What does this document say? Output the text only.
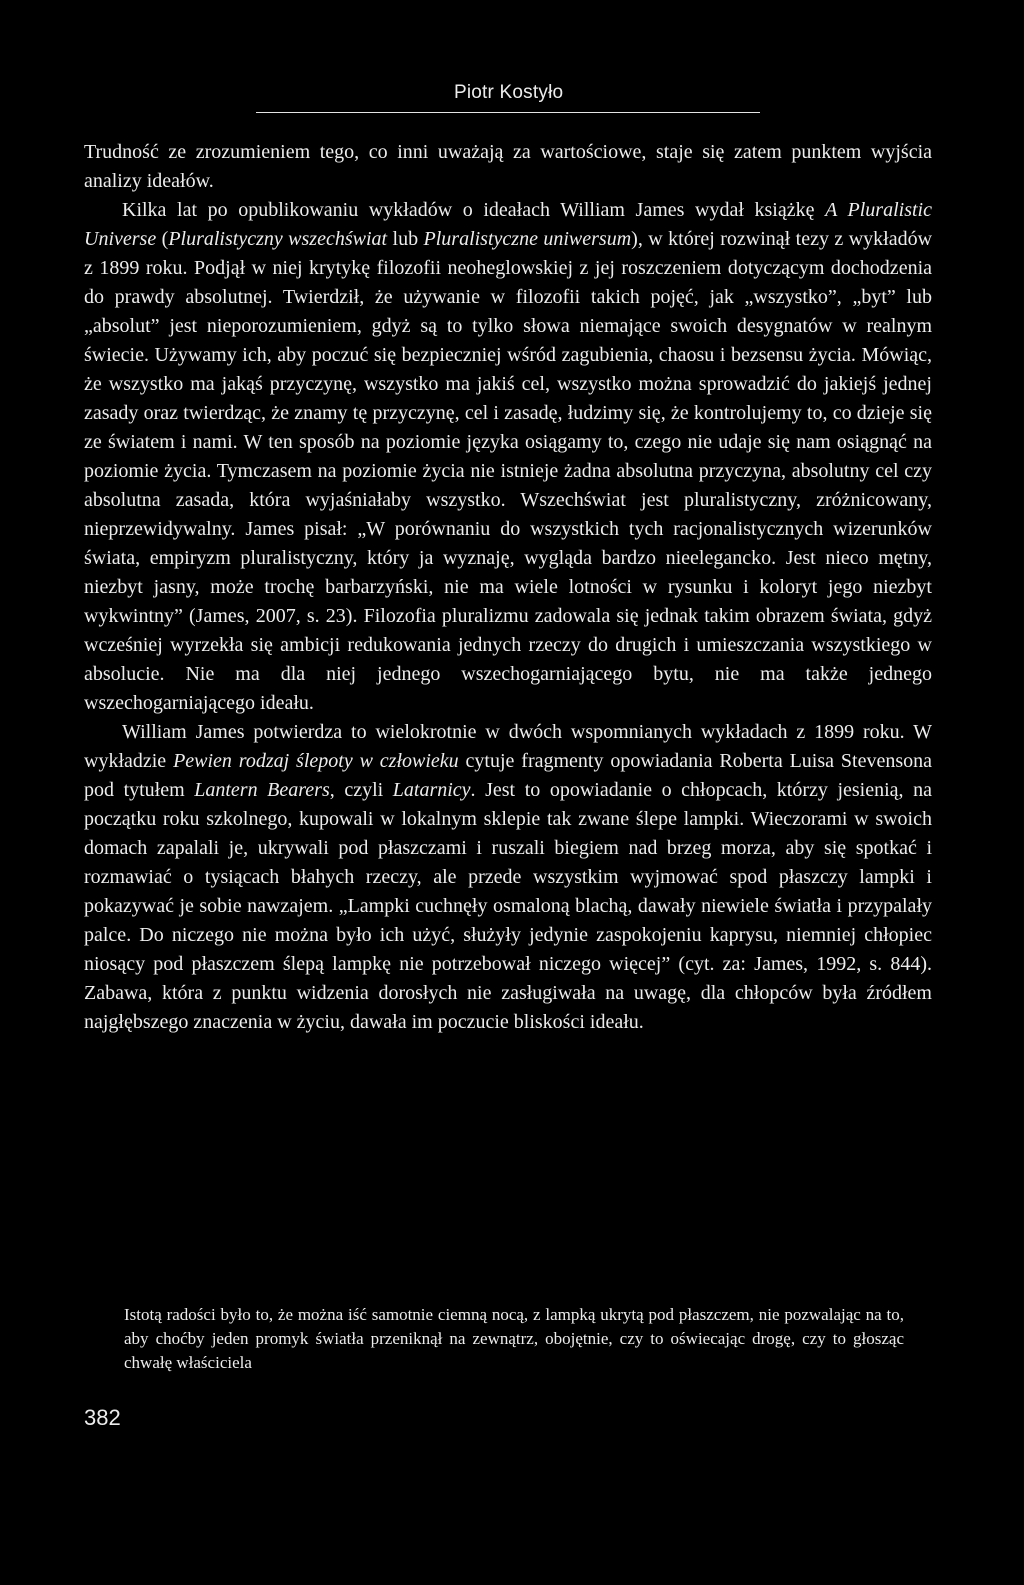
Piotr Kostyło

Trudność ze zrozumieniem tego, co inni uważają za wartościowe, staje się zatem punktem wyjścia analizy ideałów.

Kilka lat po opublikowaniu wykładów o ideałach William James wydał książkę A Pluralistic Universe (Pluralistyczny wszechświat lub Pluralistyczne uniwersum), w której rozwinął tezy z wykładów z 1899 roku. Podjął w niej krytykę filozofii neoheglowskiej z jej roszczeniem dotyczącym dochodzenia do prawdy absolutnej. Twierdził, że używanie w filozofii takich pojęć, jak „wszystko”, „byt” lub „absolut” jest nieporozumieniem, gdyż są to tylko słowa niemające swoich desygnatów w realnym świecie. Używamy ich, aby poczuć się bezpieczniej wśród zagubienia, chaosu i bezsensu życia. Mówiąc, że wszystko ma jakąś przyczynę, wszystko ma jakiś cel, wszystko można sprowadzić do jakiejś jednej zasady oraz twierdząc, że znamy tę przyczynę, cel i zasadę, łudzimy się, że kontrolujemy to, co dzieje się ze światem i nami. W ten sposób na poziomie języka osiągamy to, czego nie udaje się nam osiągnąć na poziomie życia. Tymczasem na poziomie życia nie istnieje żadna absolutna przyczyna, absolutny cel czy absolutna zasada, która wyjaśniałaby wszystko. Wszechświat jest pluralistyczny, zróżnicowany, nieprzewidywalny. James pisał: „W porównaniu do wszystkich tych racjonalistycznych wizerunków świata, empiryzm pluralistyczny, który ja wyznaję, wygląda bardzo nieelegancko. Jest nieco mętny, niezbyt jasny, może trochę barbarzyński, nie ma wiele lotności w rysunku i koloryt jego niezbyt wykwintny” (James, 2007, s. 23). Filozofia pluralizmu zadowala się jednak takim obrazem świata, gdyż wcześniej wyrzekła się ambicji redukowania jednych rzeczy do drugich i umieszczania wszystkiego w absolucie. Nie ma dla niej jednego wszechogarniającego bytu, nie ma także jednego wszechogarniającego ideału.

William James potwierdza to wielokrotnie w dwóch wspomnianych wykładach z 1899 roku. W wykładzie Pewien rodzaj ślepoty w człowieku cytuje fragmenty opowiadania Roberta Luisa Stevensona pod tytułem Lantern Bearers, czyli Latarnicy. Jest to opowiadanie o chłopcach, którzy jesienią, na początku roku szkolnego, kupowali w lokalnym sklepie tak zwane ślepe lampki. Wieczorami w swoich domach zapalali je, ukrywali pod płaszczami i ruszali biegiem nad brzeg morza, aby się spotkać i rozmawiać o tysiącach błahych rzeczy, ale przede wszystkim wyjmować spod płaszczy lampki i pokazywać je sobie nawzajem. „Lampki cuchnęły osmaloną blachą, dawały niewiele światła i przypalały palce. Do niczego nie można było ich użyć, służyły jedynie zaspokojeniu kaprysu, niemniej chłopiec niosący pod płaszczem ślepą lampkę nie potrzebował niczego więcej” (cyt. za: James, 1992, s. 844). Zabawa, która z punktu widzenia dorosłych nie zasługiwała na uwagę, dla chłopców była źródłem najgłębszego znaczenia w życiu, dawała im poczucie bliskości ideału.

Istotą radości było to, że można iść samotnie ciemną nocą, z lampką ukrytą pod płaszczem, nie pozwalając na to, aby choćby jeden promyk światła przeniknął na zewnątrz, obojętnie, czy to oświecając drogę, czy to głosząc chwałę właściciela
382
